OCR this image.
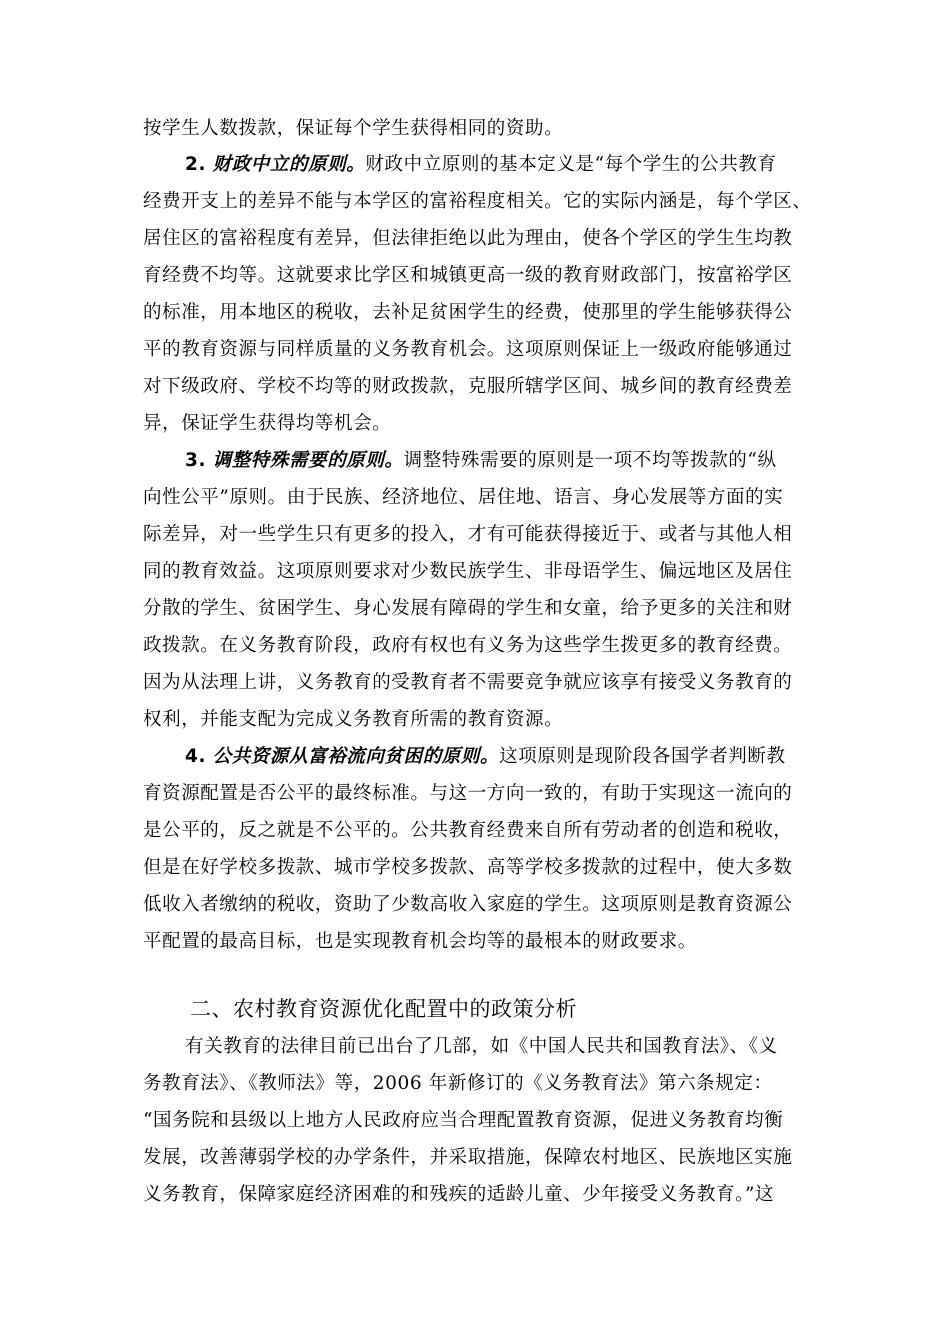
按学生人数拨款，保证每个学生获得相同的资助。
2. 财政中立的原则。财政中立原则的基本定义是“每个学生的公共教育
经费开支上的差异不能与本学区的富裕程度相关。它的实际内涵是，每个学区、
居住区的富裕程度有差异，但法律拒绝以此为理由，使各个学区的学生生均教
育经费不均等。这就要求比学区和城镇更高一级的教育财政部门，按富裕学区
的标准，用本地区的税收，去补足贫困学生的经费，使那里的学生能够获得公
平的教育资源与同样质量的义务教育机会。这项原则保证上一级政府能够通过
对下级政府、学校不均等的财政拨款，克服所辖学区间、城乡间的教育经费差
异，保证学生获得均等机会。
3. 调整特殊需要的原则。调整特殊需要的原则是一项不均等拨款的“纵
向性公平”原则。由于民族、经济地位、居住地、语言、身心发展等方面的实
际差异，对一些学生只有更多的投入，才有可能获得接近于、或者与其他人相
同的教育效益。这项原则要求对少数民族学生、非母语学生、偏远地区及居住
分散的学生、贫困学生、身心发展有障碍的学生和女童，给予更多的关注和财
政拨款。在义务教育阶段，政府有权也有义务为这些学生拨更多的教育经费。
因为从法理上讲，义务教育的受教育者不需要竞争就应该享有接受义务教育的
权利，并能支配为完成义务教育所需的教育资源。
4. 公共资源从富裕流向贫困的原则。这项原则是现阶段各国学者判断教
育资源配置是否公平的最终标准。与这一方向一致的，有助于实现这一流向的
是公平的，反之就是不公平的。公共教育经费来自所有劳动者的创造和税收，
但是在好学校多拨款、城市学校多拨款、高等学校多拨款的过程中，使大多数
低收入者缴纳的税收，资助了少数高收入家庭的学生。这项原则是教育资源公
平配置的最高目标，也是实现教育机会均等的最根本的财政要求。
二、农村教育资源优化配置中的政策分析
有关教育的法律目前已出台了几部，如《中国人民共和国教育法》、《义
务教育法》、《教师法》等，2006 年新修订的《义务教育法》第六条规定：
“国务院和县级以上地方人民政府应当合理配置教育资源，促进义务教育均衡
发展，改善薄弱学校的办学条件，并采取措施，保障农村地区、民族地区实施
义务教育，保障家庭经济困难的和残疾的适龄儿童、少年接受义务教育。”这
